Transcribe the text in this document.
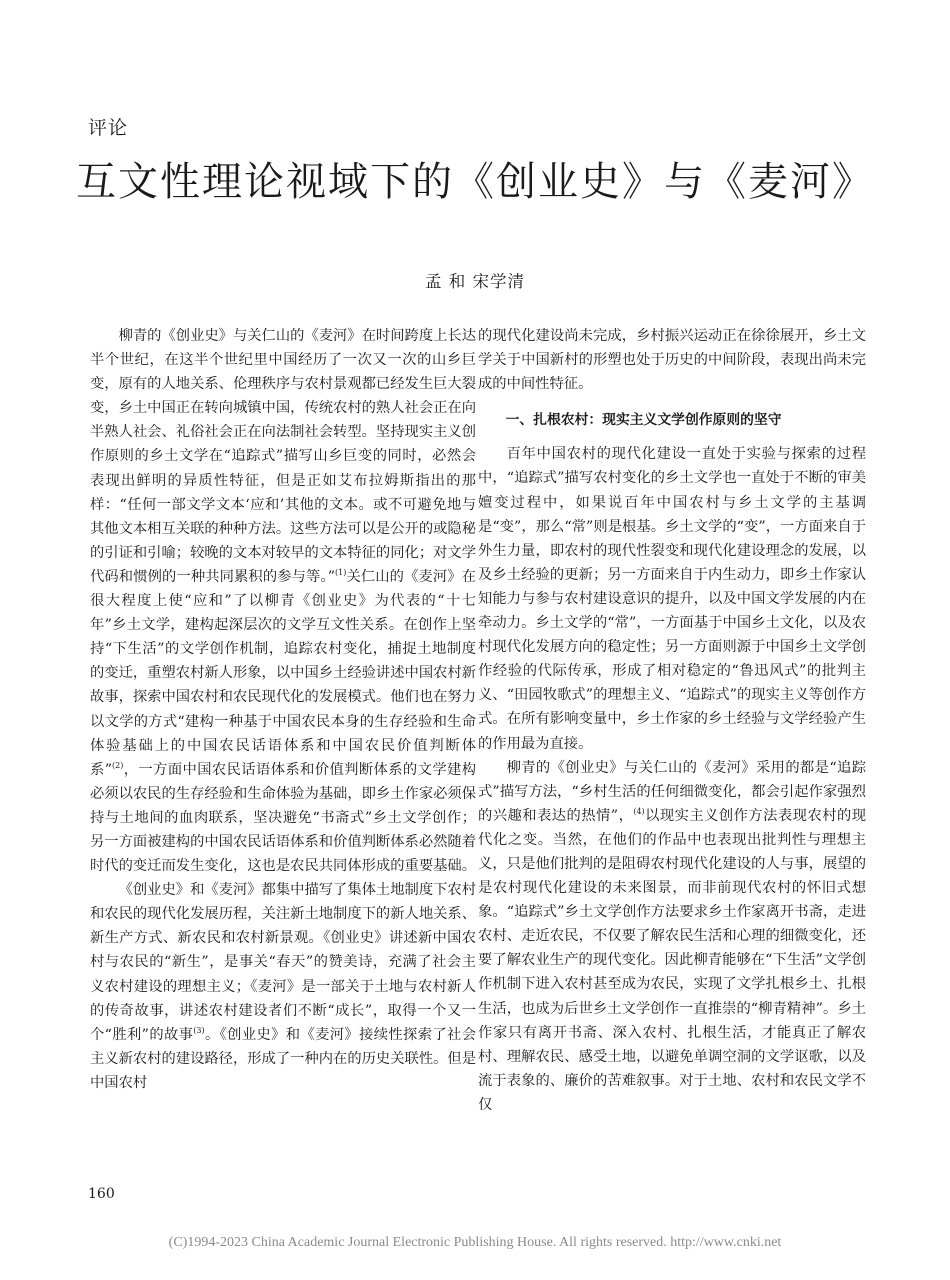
评论
互文性理论视域下的《创业史》与《麦河》
孟 和 宋学清

柳青的《创业史》与关仁山的《麦河》在时间跨度上长达半个世纪，在这半个世纪里中国经历了一次又一次的山乡巨变，原有的人地关系、伦理秩序与农村景观都已经发生巨大裂变，乡土中国正在转向城镇中国，传统农村的熟人社会正在向半熟人社会、礼俗社会正在向法制社会转型。坚持现实主义创作原则的乡土文学在“追踪式”描写山乡巨变的同时，必然会表现出鲜明的异质性特征，但是正如艾布拉姆斯指出的那样：“任何一部文学文本‘应和’其他的文本。或不可避免地与其他文本相互关联的种种方法。这些方法可以是公开的或隐秘的引证和引喻；较晚的文本对较早的文本特征的同化；对文学代码和惯例的一种共同累积的参与等。”$^{(1)}$关仁山的《麦河》在很大程度上使“应和”了以柳青《创业史》为代表的“十七年”乡土文学，建构起深层次的文学互文性关系。在创作上坚持“下生活”的文学创作机制，追踪农村变化，捕捉土地制度的变迁，重塑农村新人形象，以中国乡土经验讲述中国农村新故事，探索中国农村和农民现代化的发展模式。他们也在努力以文学的方式“建构一种基于中国农民本身的生存经验和生命体验基础上的中国农民话语体系和中国农民价值判断体系”$^{(2)}$，一方面中国农民话语体系和价值判断体系的文学建构必须以农民的生存经验和生命体验为基础，即乡土作家必须保持与土地间的血肉联系，坚决避免“书斋式”乡土文学创作；另一方面被建构的中国农民话语体系和价值判断体系必然随着时代的变迁而发生变化，这也是农民共同体形成的重要基础。

《创业史》和《麦河》都集中描写了集体土地制度下农村和农民的现代化发展历程，关注新土地制度下的新人地关系、新生产方式、新农民和农村新景观。《创业史》讲述新中国农村与农民的“新生”，是事关“春天”的赞美诗，充满了社会主义农村建设的理想主义；《麦河》是一部关于土地与农村新人的传奇故事，讲述农村建设者们不断“成长”，取得一个又一个“胜利”的故事$^{(3)}$。《创业史》和《麦河》接续性探索了社会主义新农村的建设路径，形成了一种内在的历史关联性。但是中国农村

的现代化建设尚未完成，乡村振兴运动正在徐徐展开，乡土文学关于中国新村的形塑也处于历史的中间阶段，表现出尚未完成的中间性特征。

一、扎根农村：现实主义文学创作原则的坚守

百年中国农村的现代化建设一直处于实验与探索的过程中，“追踪式”描写农村变化的乡土文学也一直处于不断的审美嬗变过程中，如果说百年中国农村与乡土文学的主基调是“变”，那么“常”则是根基。乡土文学的“变”，一方面来自于外生力量，即农村的现代性裂变和现代化建设理念的发展，以及乡土经验的更新；另一方面来自于内生动力，即乡土作家认知能力与参与农村建设意识的提升，以及中国文学发展的内在牵动力。乡土文学的“常”，一方面基于中国乡土文化，以及农村现代化发展方向的稳定性；另一方面则源于中国乡土文学创作经验的代际传承，形成了相对稳定的“鲁迅风式”的批判主义、“田园牧歌式”的理想主义、“追踪式”的现实主义等创作方式。在所有影响变量中，乡土作家的乡土经验与文学经验产生的作用最为直接。

柳青的《创业史》与关仁山的《麦河》采用的都是“追踪式”描写方法，“乡村生活的任何细微变化，都会引起作家强烈的兴趣和表达的热情”，$^{(4)}$以现实主义创作方法表现农村的现代化之变。当然，在他们的作品中也表现出批判性与理想主义，只是他们批判的是阻碍农村现代化建设的人与事，展望的是农村现代化建设的未来图景，而非前现代农村的怀旧式想象。“追踪式”乡土文学创作方法要求乡土作家离开书斋，走进农村、走近农民，不仅要了解农民生活和心理的细微变化，还要了解农业生产的现代变化。因此柳青能够在“下生活”文学创作机制下进入农村甚至成为农民，实现了文学扎根乡土、扎根生活，也成为后世乡土文学创作一直推崇的“柳青精神”。乡土作家只有离开书斋、深入农村、扎根生活，才能真正了解农村、理解农民、感受土地，以避免单调空洞的文学讴歌，以及流于表象的、廉价的苦难叙事。对于土地、农村和农民文学不仅

160
(C)1994-2023 China Academic Journal Electronic Publishing House. All rights reserved. http://www.cnki.net
